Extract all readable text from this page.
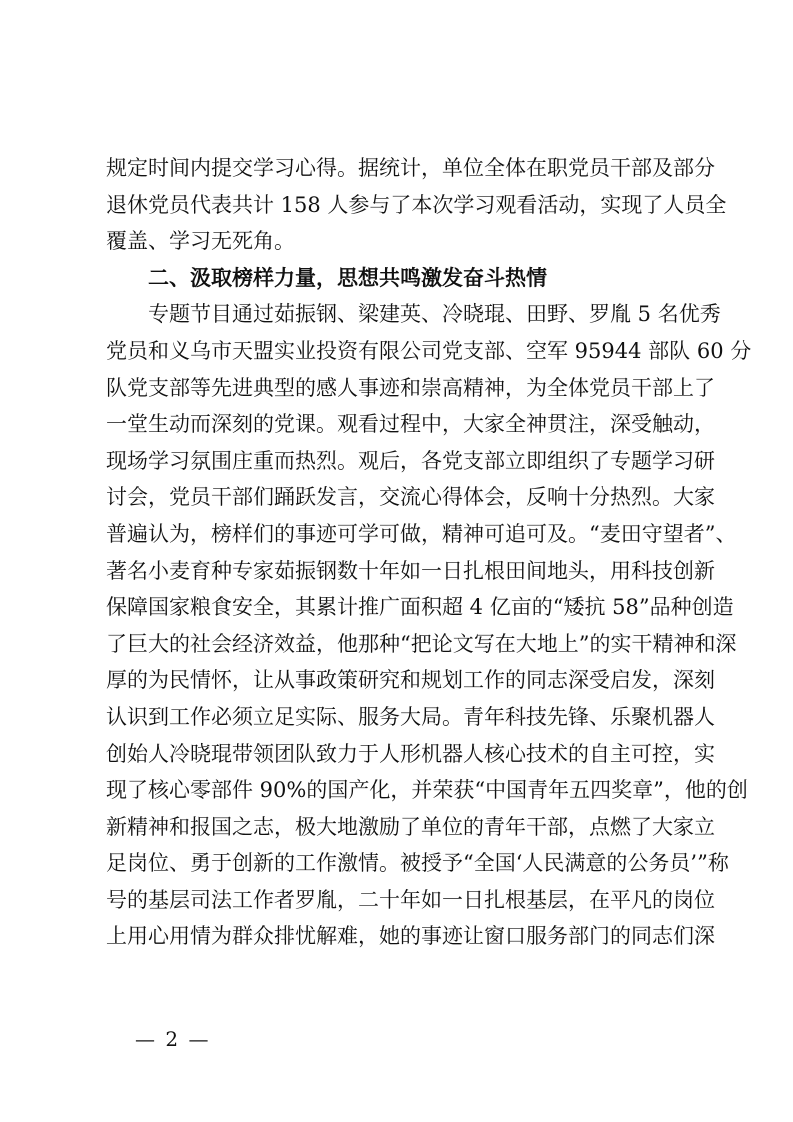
规定时间内提交学习心得。据统计，单位全体在职党员干部及部分
退休党员代表共计 158 人参与了本次学习观看活动，实现了人员全
覆盖、学习无死角。
二、汲取榜样力量，思想共鸣激发奋斗热情
专题节目通过茹振钢、梁建英、冷晓琨、田野、罗胤 5 名优秀
党员和义乌市天盟实业投资有限公司党支部、空军 95944 部队 60 分
队党支部等先进典型的感人事迹和崇高精神，为全体党员干部上了
一堂生动而深刻的党课。观看过程中，大家全神贯注，深受触动，
现场学习氛围庄重而热烈。观后，各党支部立即组织了专题学习研
讨会，党员干部们踊跃发言，交流心得体会，反响十分热烈。大家
普遍认为，榜样们的事迹可学可做，精神可追可及。“麦田守望者”、
著名小麦育种专家茹振钢数十年如一日扎根田间地头，用科技创新
保障国家粮食安全，其累计推广面积超 4 亿亩的“矮抗 58”品种创造
了巨大的社会经济效益，他那种“把论文写在大地上”的实干精神和深
厚的为民情怀，让从事政策研究和规划工作的同志深受启发，深刻
认识到工作必须立足实际、服务大局。青年科技先锋、乐聚机器人
创始人冷晓琨带领团队致力于人形机器人核心技术的自主可控，实
现了核心零部件 90%的国产化，并荣获“中国青年五四奖章”，他的创
新精神和报国之志，极大地激励了单位的青年干部，点燃了大家立
足岗位、勇于创新的工作激情。被授予“全国‘人民满意的公务员’”称
号的基层司法工作者罗胤，二十年如一日扎根基层，在平凡的岗位
上用心用情为群众排忧解难，她的事迹让窗口服务部门的同志们深
— 2 —
